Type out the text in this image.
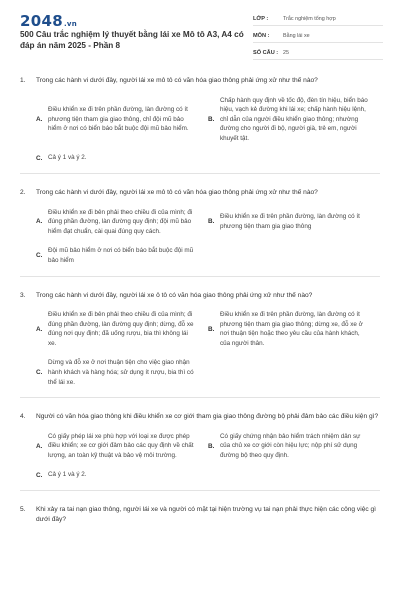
2048.vn
500 Câu trắc nghiệm lý thuyết bằng lái xe Mô tô A3, A4 có đáp án năm 2025 - Phần 8
LỚP :	Trắc nghiệm tổng hợp
MÔN :	Bằng lái xe
SỐ CÂU : 25
1.	Trong các hành vi dưới đây, người lái xe mô tô có văn hóa giao thông phải ứng xử như thế nào?
A.
Điều khiển xe đi trên phần đường, làn đường có ít phương tiện tham gia giao thông, chỉ đội mũ bảo hiểm ở nơi có biển báo bắt buộc đội mũ bảo hiểm.
B.
Chấp hành quy định về tốc độ, đèn tín hiệu, biển báo hiệu, vạch kẻ đường khi lái xe; chấp hành hiệu lệnh, chỉ dẫn của người điều khiển giao thông; nhường đường cho người đi bộ, người già, trẻ em, người khuyết tật.
C. Cả ý 1 và ý 2.
2.	Trong các hành vi dưới đây, người lái xe mô tô có văn hóa giao thông phải ứng xử như thế nào?
A.
Điều khiển xe đi bên phải theo chiều đi của mình; đi đúng phần đường, làn đường quy định; đội mũ bảo hiểm đạt chuẩn, cài quai đúng quy cách.
B.
Điều khiển xe đi trên phần đường, làn đường có ít phương tiện tham gia giao thông
C.
Đội mũ bảo hiểm ở nơi có biển báo bắt buộc đội mũ bảo hiểm
3.	Trong các hành vi dưới đây, người lái xe ô tô có văn hóa giao thông phải ứng xử như thế nào?
A.
Điều khiển xe đi bên phải theo chiều đi của mình; đi đúng phần đường, làn đường quy định; dừng, đỗ xe đúng nơi quy định; đã uống rượu, bia thì không lái xe.
B.
Điều khiển xe đi trên phần đường, làn đường có ít phương tiện tham gia giao thông; dừng xe, đỗ xe ở nơi thuận tiện hoặc theo yêu cầu của hành khách, của người thân.
C.
Dừng và đỗ xe ở nơi thuận tiện cho việc giao nhận hành khách và hàng hóa; sử dụng ít rượu, bia thì có thể lái xe.
4.	Người có văn hóa giao thông khi điều khiển xe cơ giới tham gia giao thông đường bộ phải đảm bảo các điều kiện gì?
A.
Có giấy phép lái xe phù hợp với loại xe được phép điều khiển; xe cơ giới đảm bảo các quy định về chất lượng, an toàn kỹ thuật và bảo vệ môi trường.
B.
Có giấy chứng nhận bảo hiểm trách nhiệm dân sự của chủ xe cơ giới còn hiệu lực; nộp phí sử dụng đường bộ theo quy định.
C. Cả ý 1 và ý 2.
5.	Khi xảy ra tai nạn giao thông, người lái xe và người có mặt tại hiện trường vụ tai nạn phải thực hiện các công việc gì dưới đây?
